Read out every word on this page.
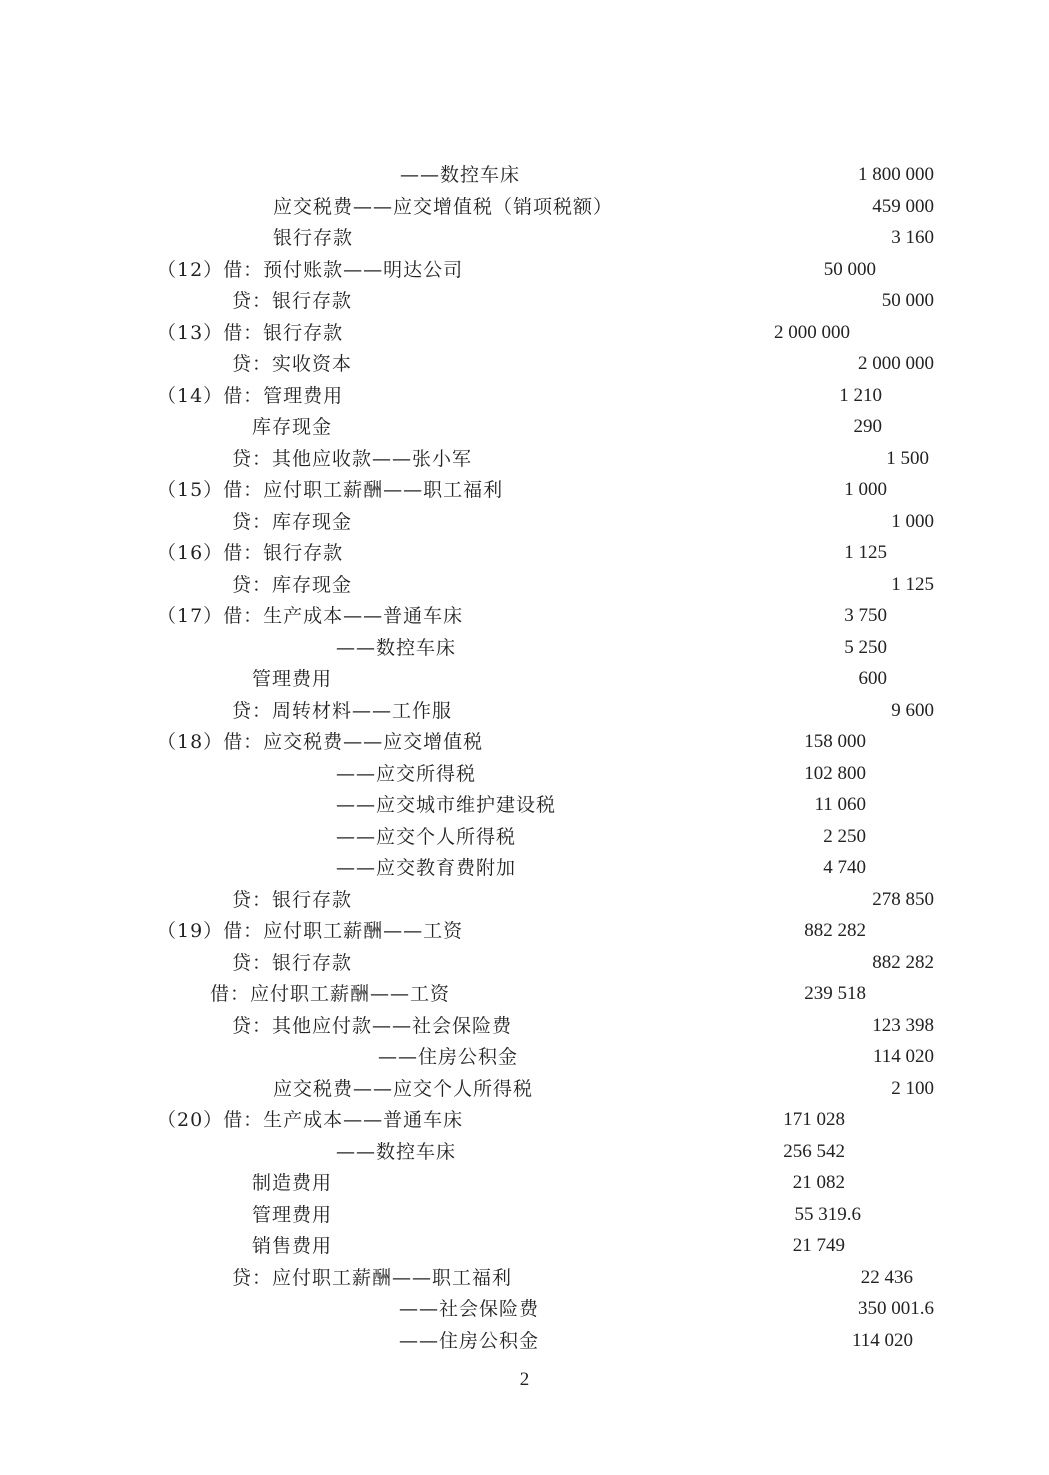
——数控车床	1 800 000
应交税费——应交增值税（销项税额）	459 000
银行存款	3 160
（12）借：预付账款——明达公司	50 000
贷：银行存款	50 000
（13）借：银行存款	2 000 000
贷：实收资本	2 000 000
（14）借：管理费用	1 210
库存现金	290
贷：其他应收款——张小军	1 500
（15）借：应付职工薪酬——职工福利	1 000
贷：库存现金	1 000
（16）借：银行存款	1 125
贷：库存现金	1 125
（17）借：生产成本——普通车床	3 750
——数控车床	5 250
管理费用	600
贷：周转材料——工作服	9 600
（18）借：应交税费——应交增值税	158 000
——应交所得税	102 800
——应交城市维护建设税	11 060
——应交个人所得税	2 250
——应交教育费附加	4 740
贷：银行存款	278 850
（19）借：应付职工薪酬——工资	882 282
贷：银行存款	882 282
借：应付职工薪酬——工资	239 518
贷：其他应付款——社会保险费	123 398
——住房公积金	114 020
应交税费——应交个人所得税	2 100
（20）借：生产成本——普通车床	171 028
——数控车床	256 542
制造费用	21 082
管理费用	55 319.6
销售费用	21 749
贷：应付职工薪酬——职工福利	22 436
——社会保险费	350 001.6
——住房公积金	114 020
2
